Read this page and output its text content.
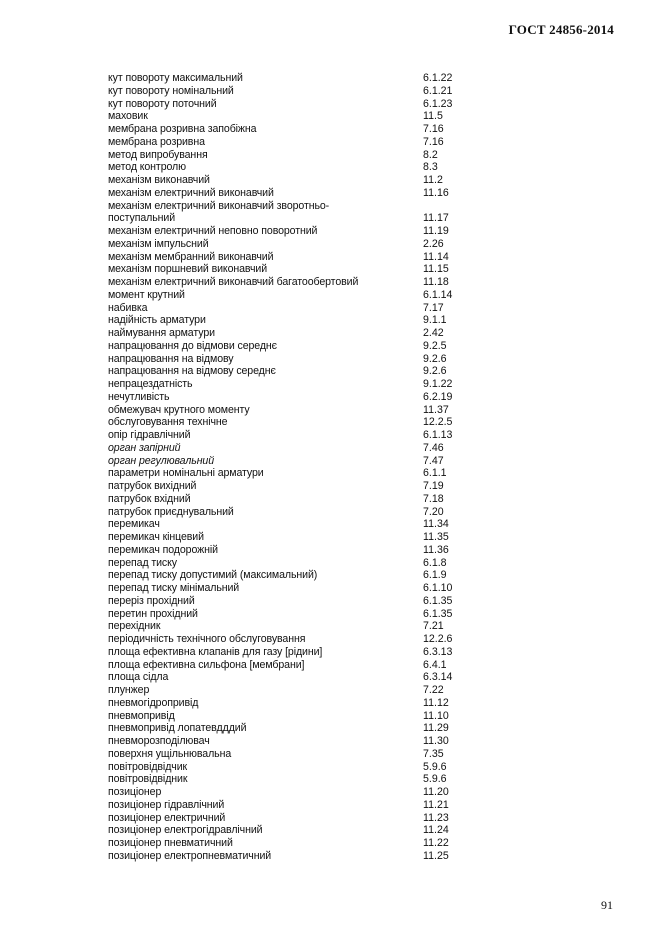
ГОСТ 24856-2014
кут повороту максимальний	6.1.22
кут повороту номінальний	6.1.21
кут повороту поточний	6.1.23
маховик	11.5
мембрана розривна запобіжна	7.16
мембрана розривна	7.16
метод випробування	8.2
метод контролю	8.3
механізм виконавчий	11.2
механізм електричний виконавчий	11.16
механізм електричний виконавчий зворотньо-
поступальний	11.17
механізм електричний неповно поворотний	11.19
механізм імпульсний	2.26
механізм мембранний виконавчий	11.14
механізм поршневий виконавчий	11.15
механізм електричний виконавчий багатообертовий	11.18
момент крутний	6.1.14
набивка	7.17
надійність арматури	9.1.1
наймування арматури	2.42
напрацювання до відмови середнє	9.2.5
напрацювання на відмову	9.2.6
напрацювання на відмову середнє	9.2.6
непрацездатність	9.1.22
нечутливість	6.2.19
обмежувач крутного моменту	11.37
обслуговування технічне	12.2.5
опір гідравлічний	6.1.13
орган запірний	7.46
орган регулювальний	7.47
параметри номінальні арматури	6.1.1
патрубок вихідний	7.19
патрубок вхідний	7.18
патрубок приєднувальний	7.20
перемикач	11.34
перемикач кінцевий	11.35
перемикач подорожній	11.36
перепад тиску	6.1.8
перепад тиску допустимий (максимальний)	6.1.9
перепад тиску мінімальний	6.1.10
переріз прохідний	6.1.35
перетин прохідний	6.1.35
перехідник	7.21
періодичність технічного обслуговування	12.2.6
площа ефективна клапанів для газу [рідини]	6.3.13
площа ефективна сильфона [мембрани]	6.4.1
площа сідла	6.3.14
плунжер	7.22
пневмогідропривід	11.12
пневмопривід	11.10
пневмопривід лопатевдддий	11.29
пневморозподілювач	11.30
поверхня ущільнювальна	7.35
повітровідвідчик	5.9.6
повітровідвідник	5.9.6
позиціонер	11.20
позиціонер гідравлічний	11.21
позиціонер електричний	11.23
позиціонер електрогідравлічний	11.24
позиціонер пневматичний	11.22
позиціонер електропневматичний	11.25
91
